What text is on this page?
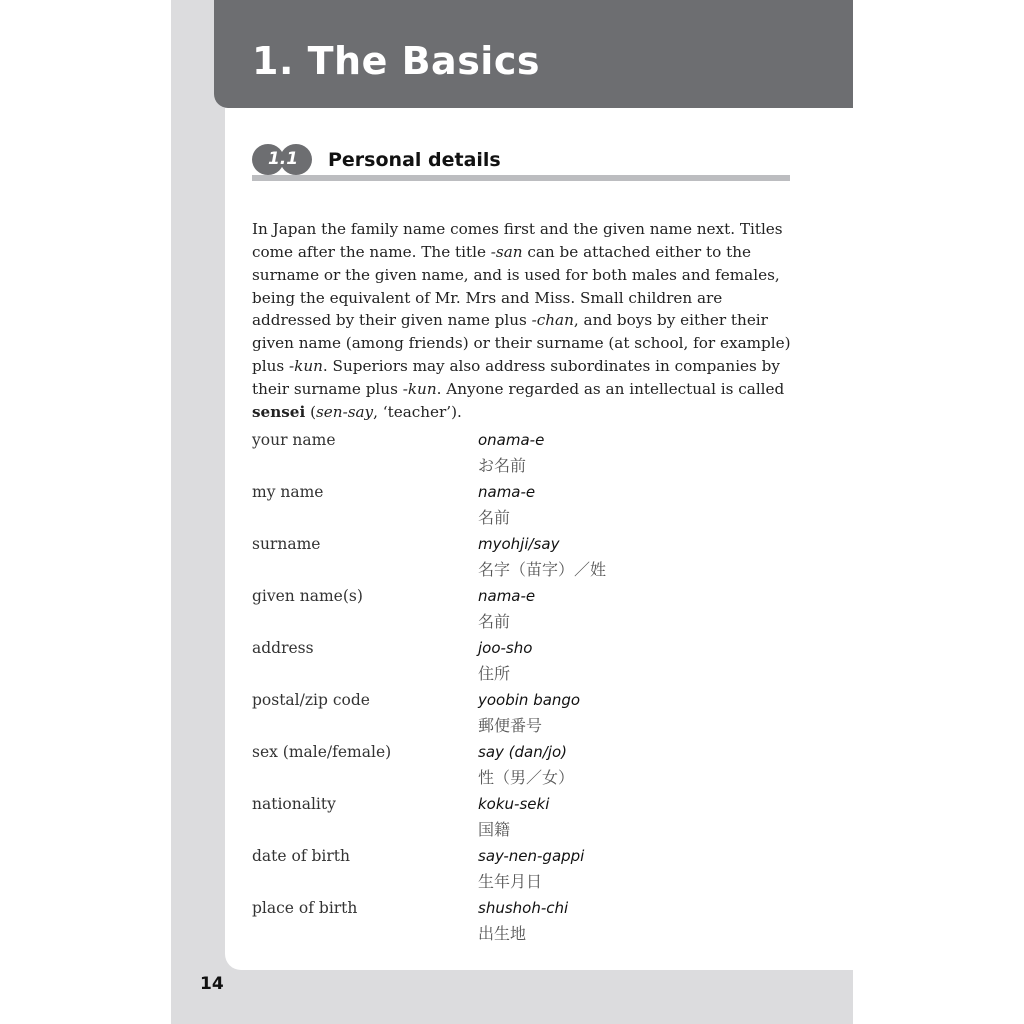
1. The Basics
1.1	Personal details

In Japan the family name comes first and the given name next. Titles come after the name. The title -san can be attached either to the surname or the given name, and is used for both males and females, being the equivalent of Mr. Mrs and Miss. Small children are addressed by their given name plus -chan, and boys by either their given name (among friends) or their surname (at school, for example) plus -kun. Superiors may also address subordinates in companies by their surname plus -kun. Anyone regarded as an intellectual is called sensei (sen-say, ‘teacher’).

your name	onama-e
お名前
my name	nama-e
名前
surname	myohji/say
名字（苗字）／姓
given name(s)	nama-e
名前
address	joo-sho
住所
postal/zip code	yoobin bango
郵便番号
sex (male/female)	say (dan/jo)
性（男／女）
nationality	koku-seki
国籍
date of birth	say-nen-gappi
生年月日
place of birth	shushoh-chi
出生地
14
